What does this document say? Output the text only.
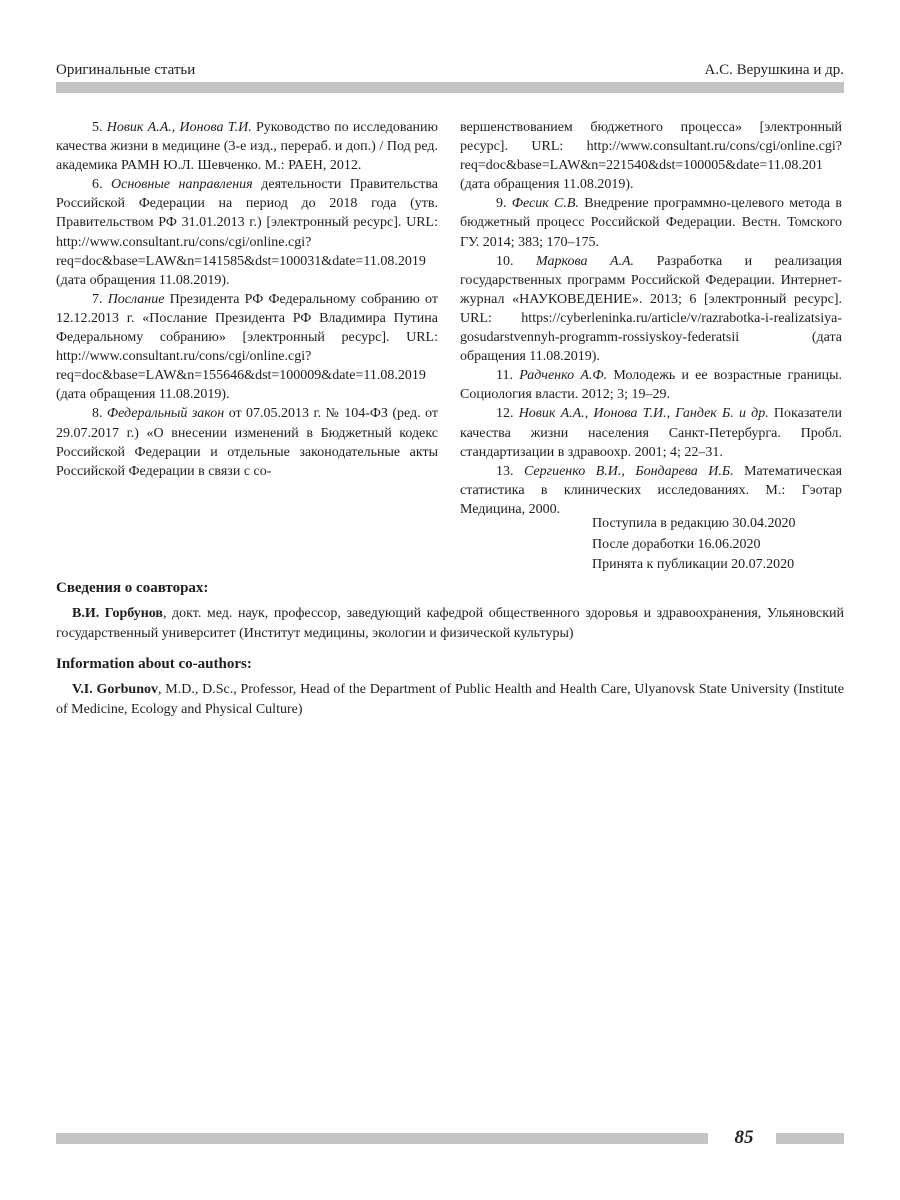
Оригинальные статьи	А.С. Верушкина и др.

5. Новик А.А., Ионова Т.И. Руководство по исследованию качества жизни в медицине (3-е изд., перераб. и доп.) / Под ред. академика РАМН Ю.Л. Шевченко. М.: РАЕН, 2012.

6. Основные направления деятельности Правительства Российской Федерации на период до 2018 года (утв. Правительством РФ 31.01.2013 г.) [электронный ресурс]. URL: http://www.consultant.ru/cons/cgi/online.cgi?req=doc&base=LAW&n=141585&dst=100031&date=11.08.2019 (дата обращения 11.08.2019).

7. Послание Президента РФ Федеральному собранию от 12.12.2013 г. «Послание Президента РФ Владимира Путина Федеральному собранию» [электронный ресурс]. URL: http://www.consultant.ru/cons/cgi/online.cgi?req=doc&base=LAW&n=155646&dst=100009&date=11.08.2019 (дата обращения 11.08.2019).

8. Федеральный закон от 07.05.2013 г. № 104-ФЗ (ред. от 29.07.2017 г.) «О внесении изменений в Бюджетный кодекс Российской Федерации и отдельные законодательные акты Российской Федерации в связи с со-

вершенствованием бюджетного процесса» [электронный ресурс]. URL: http://www.consultant.ru/cons/cgi/online.cgi?req=doc&base=LAW&n=221540&dst=100005&date=11.08.201 (дата обращения 11.08.2019).

9. Фесик С.В. Внедрение программно-целевого метода в бюджетный процесс Российской Федерации. Вестн. Томского ГУ. 2014; 383; 170–175.

10. Маркова А.А. Разработка и реализация государственных программ Российской Федерации. Интернет-журнал «НАУКОВЕДЕНИЕ». 2013; 6 [электронный ресурс]. URL: https://cyberleninka.ru/article/v/razrabotka-i-realizatsiya-gosudarstvennyh-programm-rossiyskoy-federatsii (дата обращения 11.08.2019).

11. Радченко А.Ф. Молодежь и ее возрастные границы. Социология власти. 2012; 3; 19–29.

12. Новик А.А., Ионова Т.И., Гандек Б. и др. Показатели качества жизни населения Санкт-Петербурга. Пробл. стандартизации в здравоохр. 2001; 4; 22–31.

13. Сергиенко В.И., Бондарева И.Б. Математическая статистика в клинических исследованиях. М.: Гэотар Медицина, 2000.

Поступила в редакцию 30.04.2020
После доработки 16.06.2020
Принята к публикации 20.07.2020
Сведения о соавторах:
В.И. Горбунов, докт. мед. наук, профессор, заведующий кафедрой общественного здоровья и здравоохранения, Ульяновский государственный университет (Институт медицины, экологии и физической культуры)
Information about co-authors:
V.I. Gorbunov, M.D., D.Sc., Professor, Head of the Department of Public Health and Health Care, Ulyanovsk State University (Institute of Medicine, Ecology and Physical Culture)
85
